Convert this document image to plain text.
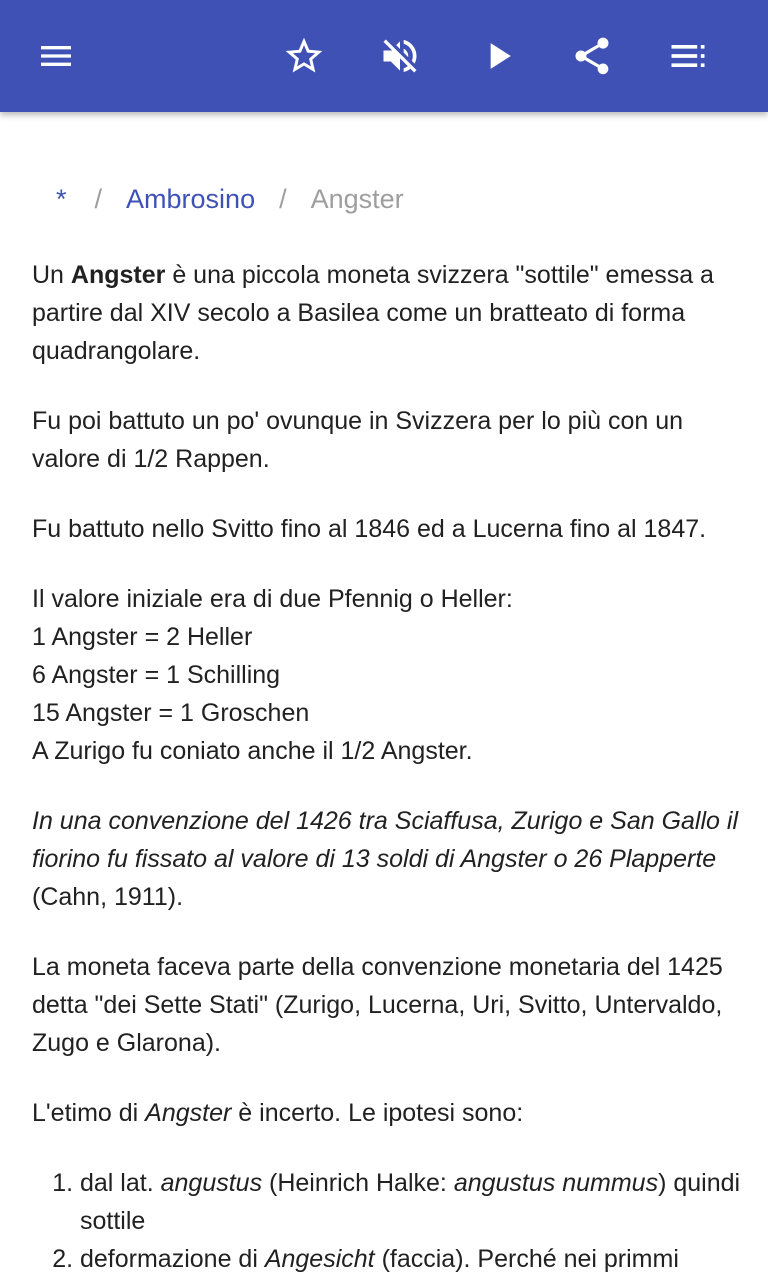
* / Ambrosino / Angster

Un Angster è una piccola moneta svizzera "sottile" emessa a partire dal XIV secolo a Basilea come un bratteato di forma quadrangolare.

Fu poi battuto un po' ovunque in Svizzera per lo più con un valore di 1/2 Rappen.

Fu battuto nello Svitto fino al 1846 ed a Lucerna fino al 1847.

Il valore iniziale era di due Pfennig o Heller:
1 Angster = 2 Heller
6 Angster = 1 Schilling
15 Angster = 1 Groschen
A Zurigo fu coniato anche il 1/2 Angster.

In una convenzione del 1426 tra Sciaffusa, Zurigo e San Gallo il fiorino fu fissato al valore di 13 soldi di Angster o 26 Plapperte (Cahn, 1911).

La moneta faceva parte della convenzione monetaria del 1425 detta "dei Sette Stati" (Zurigo, Lucerna, Uri, Svitto, Untervaldo, Zugo e Glarona).

L'etimo di Angster è incerto. Le ipotesi sono:

1. dal lat. angustus (Heinrich Halke: angustus nummus) quindi sottile
2. deformazione di Angesicht (faccia). Perché nei primmi
